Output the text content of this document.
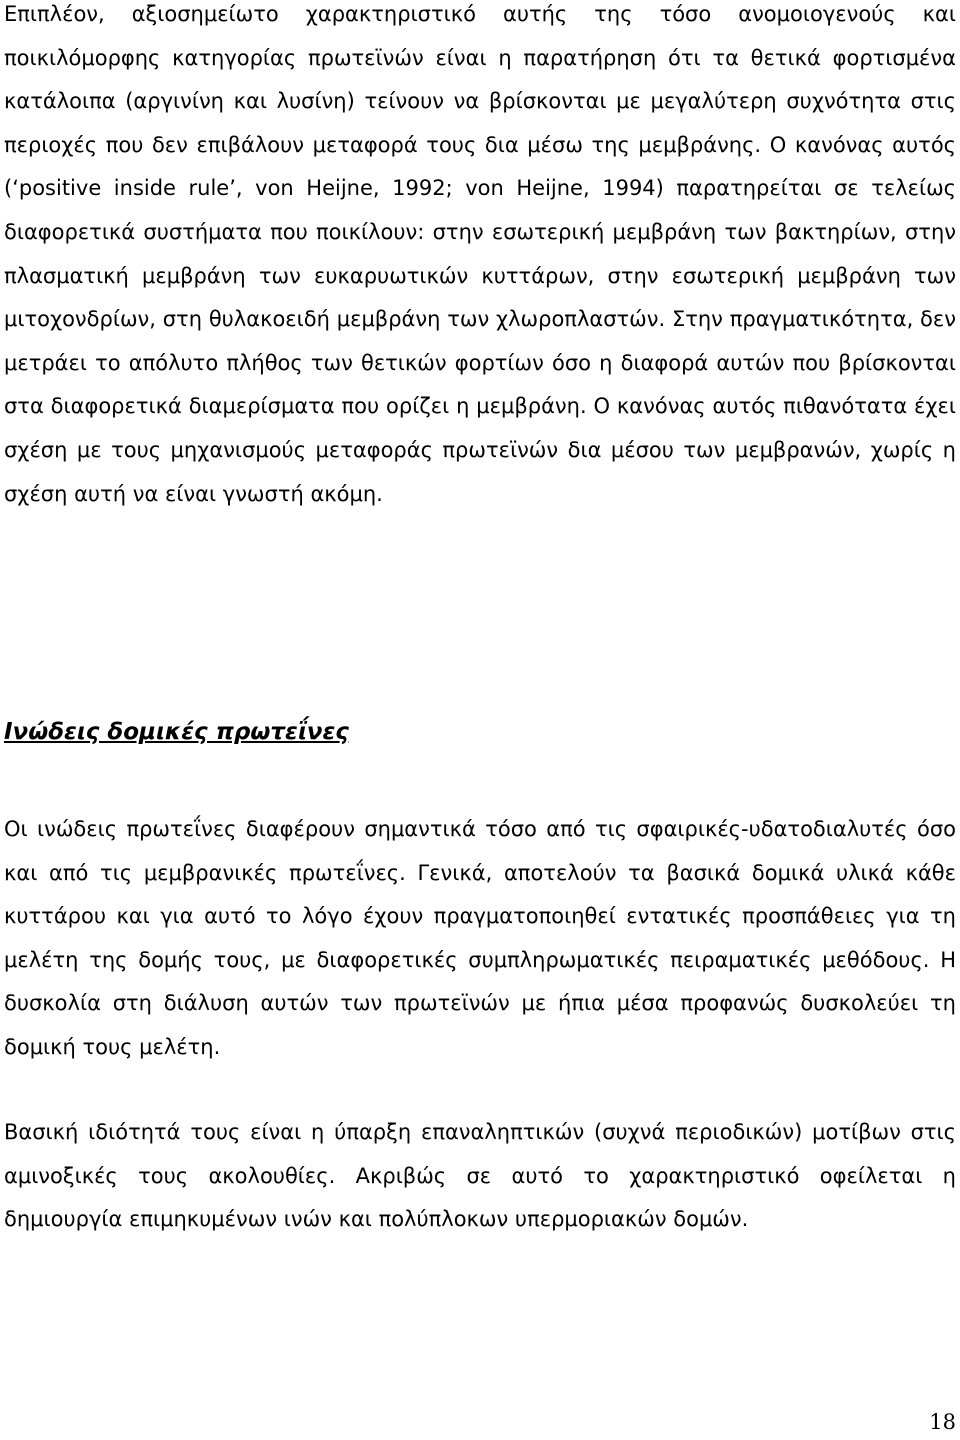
Επιπλέον, αξιοσημείωτο χαρακτηριστικό αυτής της τόσο ανομοιογενούς και ποικιλόμορφης κατηγορίας πρωτεϊνών είναι η παρατήρηση ότι τα θετικά φορτισμένα κατάλοιπα (αργινίνη και λυσίνη) τείνουν να βρίσκονται με μεγαλύτερη συχνότητα στις περιοχές που δεν επιβάλουν μεταφορά τους δια μέσω της μεμβράνης. Ο κανόνας αυτός (‘positive inside rule’, von Heijne, 1992; von Heijne, 1994) παρατηρείται σε τελείως διαφορετικά συστήματα που ποικίλουν: στην εσωτερική μεμβράνη των βακτηρίων, στην πλασματική μεμβράνη των ευκαρυωτικών κυττάρων, στην εσωτερική μεμβράνη των μιτοχονδρίων, στη θυλακοειδή μεμβράνη των χλωροπλαστών. Στην πραγματικότητα, δεν μετράει το απόλυτο πλήθος των θετικών φορτίων όσο η διαφορά αυτών που βρίσκονται στα διαφορετικά διαμερίσματα που ορίζει η μεμβράνη. Ο κανόνας αυτός πιθανότατα έχει σχέση με τους μηχανισμούς μεταφοράς πρωτεϊνών δια μέσου των μεμβρανών, χωρίς η σχέση αυτή να είναι γνωστή ακόμη.

Ινώδεις δομικές πρωτεΐνες

Οι ινώδεις πρωτεΐνες διαφέρουν σημαντικά τόσο από τις σφαιρικές-υδατοδιαλυτές όσο και από τις μεμβρανικές πρωτεΐνες. Γενικά, αποτελούν τα βασικά δομικά υλικά κάθε κυττάρου και για αυτό το λόγο έχουν πραγματοποιηθεί εντατικές προσπάθειες για τη μελέτη της δομής τους, με διαφορετικές συμπληρωματικές πειραματικές μεθόδους. Η δυσκολία στη διάλυση αυτών των πρωτεϊνών με ήπια μέσα προφανώς δυσκολεύει τη δομική τους μελέτη.

Βασική ιδιότητά τους είναι η ύπαρξη επαναληπτικών (συχνά περιοδικών) μοτίβων στις αμινοξικές τους ακολουθίες. Ακριβώς σε αυτό το χαρακτηριστικό οφείλεται η δημιουργία επιμηκυμένων ινών και πολύπλοκων υπερμοριακών δομών.

18
